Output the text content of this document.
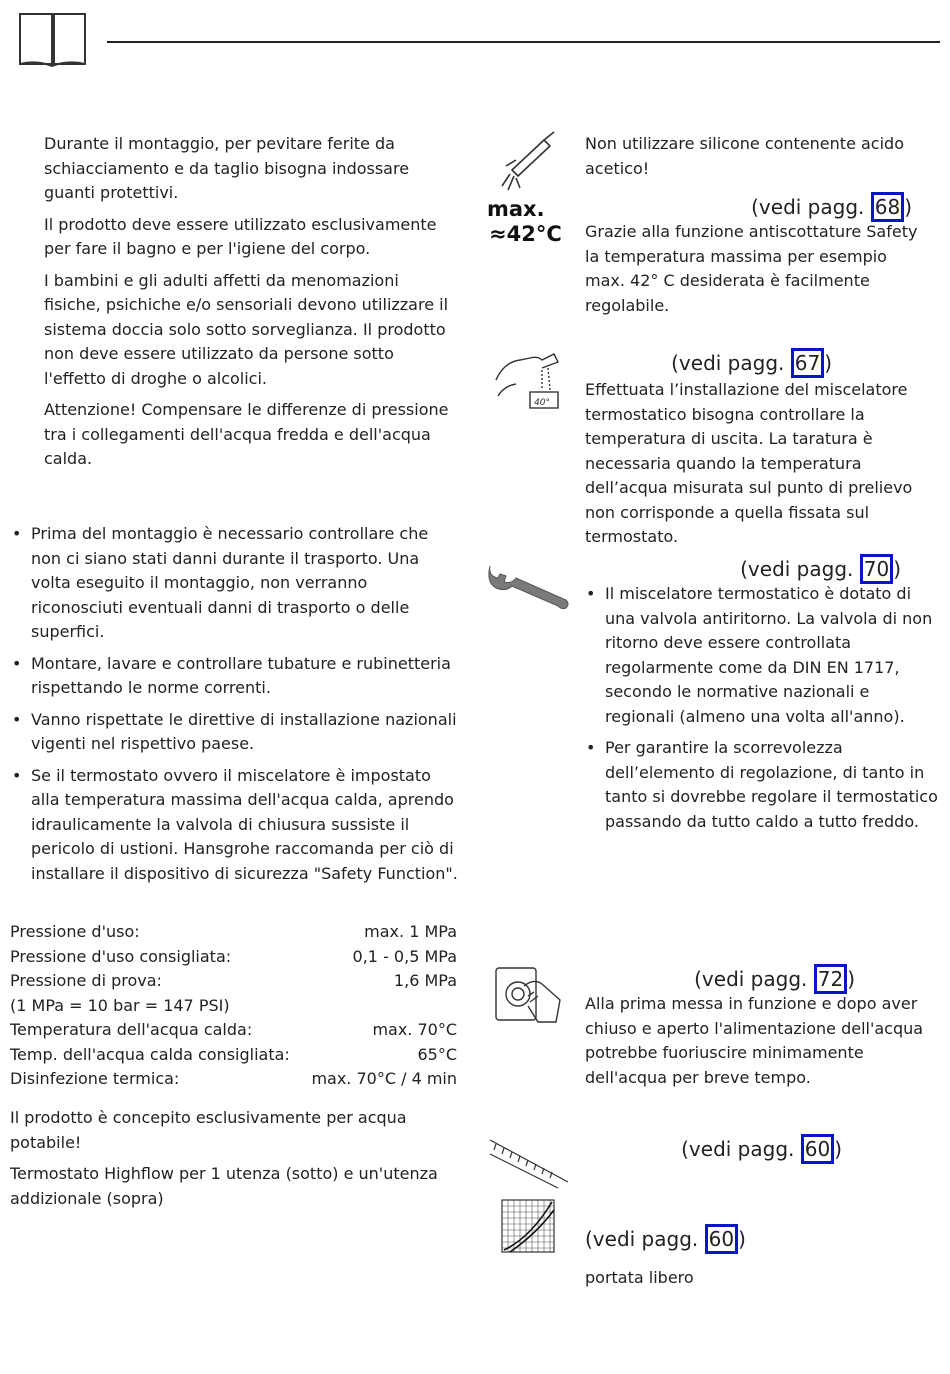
Durante il montaggio, per pevitare ferite da schiacciamento e da taglio bisogna indossare guanti protettivi.

Il prodotto deve essere utilizzato esclusivamente per fare il bagno e per l'igiene del corpo.

I bambini e gli adulti affetti da menomazioni fisiche, psichiche e/o sensoriali devono utilizzare il sistema doccia solo sotto sorveglianza. Il prodotto non deve essere utilizzato da persone sotto l'effetto di droghe o alcolici.

Attenzione! Compensare le differenze di pressione tra i collegamenti dell'acqua fredda e dell'acqua calda.

• Prima del montaggio è necessario controllare che non ci siano stati danni durante il trasporto. Una volta eseguito il montaggio, non verranno riconosciuti eventuali danni di trasporto o delle superfici.
• Montare, lavare e controllare tubature e rubinetteria rispettando le norme correnti.
• Vanno rispettate le direttive di installazione nazionali vigenti nel rispettivo paese.
• Se il termostato ovvero il miscelatore è impostato alla temperatura massima dell'acqua calda, aprendo idraulicamente la valvola di chiusura sussiste il pericolo di ustioni. Hansgrohe raccomanda per ciò di installare il dispositivo di sicurezza "Safety Function".
Pressione d'uso:	max. 1 MPa
Pressione d'uso consigliata:	0,1 - 0,5 MPa
Pressione di prova:	1,6 MPa
(1 MPa = 10 bar = 147 PSI)
Temperatura dell'acqua calda:	max. 70°C
Temp. dell'acqua calda consigliata:	65°C
Disinfezione termica:	max. 70°C / 4 min

Il prodotto è concepito esclusivamente per acqua potabile!

Termostato Highflow per 1 utenza (sotto) e un'utenza addizionale (sopra)

Non utilizzare silicone contenente acido acetico!
max.
≈42°C
(vedi pagg. 68 )
Grazie alla funzione antiscottature Safety la temperatura massima per esempio max. 42° C desiderata è facilmente regolabile.
40°
(vedi pagg. 67 )
Effettuata l’installazione del miscelatore termostatico bisogna controllare la temperatura di uscita. La taratura è necessaria quando la temperatura dell’acqua misurata sul punto di prelievo non corrisponde a quella fissata sul termostato.
(vedi pagg. 70 )
• Il miscelatore termostatico è dotato di una valvola antiritorno. La valvola di non ritorno deve essere controllata regolarmente come da DIN EN 1717, secondo le normative nazionali e regionali (almeno una volta all'anno).
• Per garantire la scorrevolezza dell’elemento di regolazione, di tanto in tanto si dovrebbe regolare il termostatico passando da tutto caldo a tutto freddo.
(vedi pagg. 72 )
Alla prima messa in funzione e dopo aver chiuso e aperto l'alimentazione dell'acqua potrebbe fuoriuscire minimamente dell'acqua per breve tempo.
(vedi pagg. 60 )
(vedi pagg. 60 )
portata libero
